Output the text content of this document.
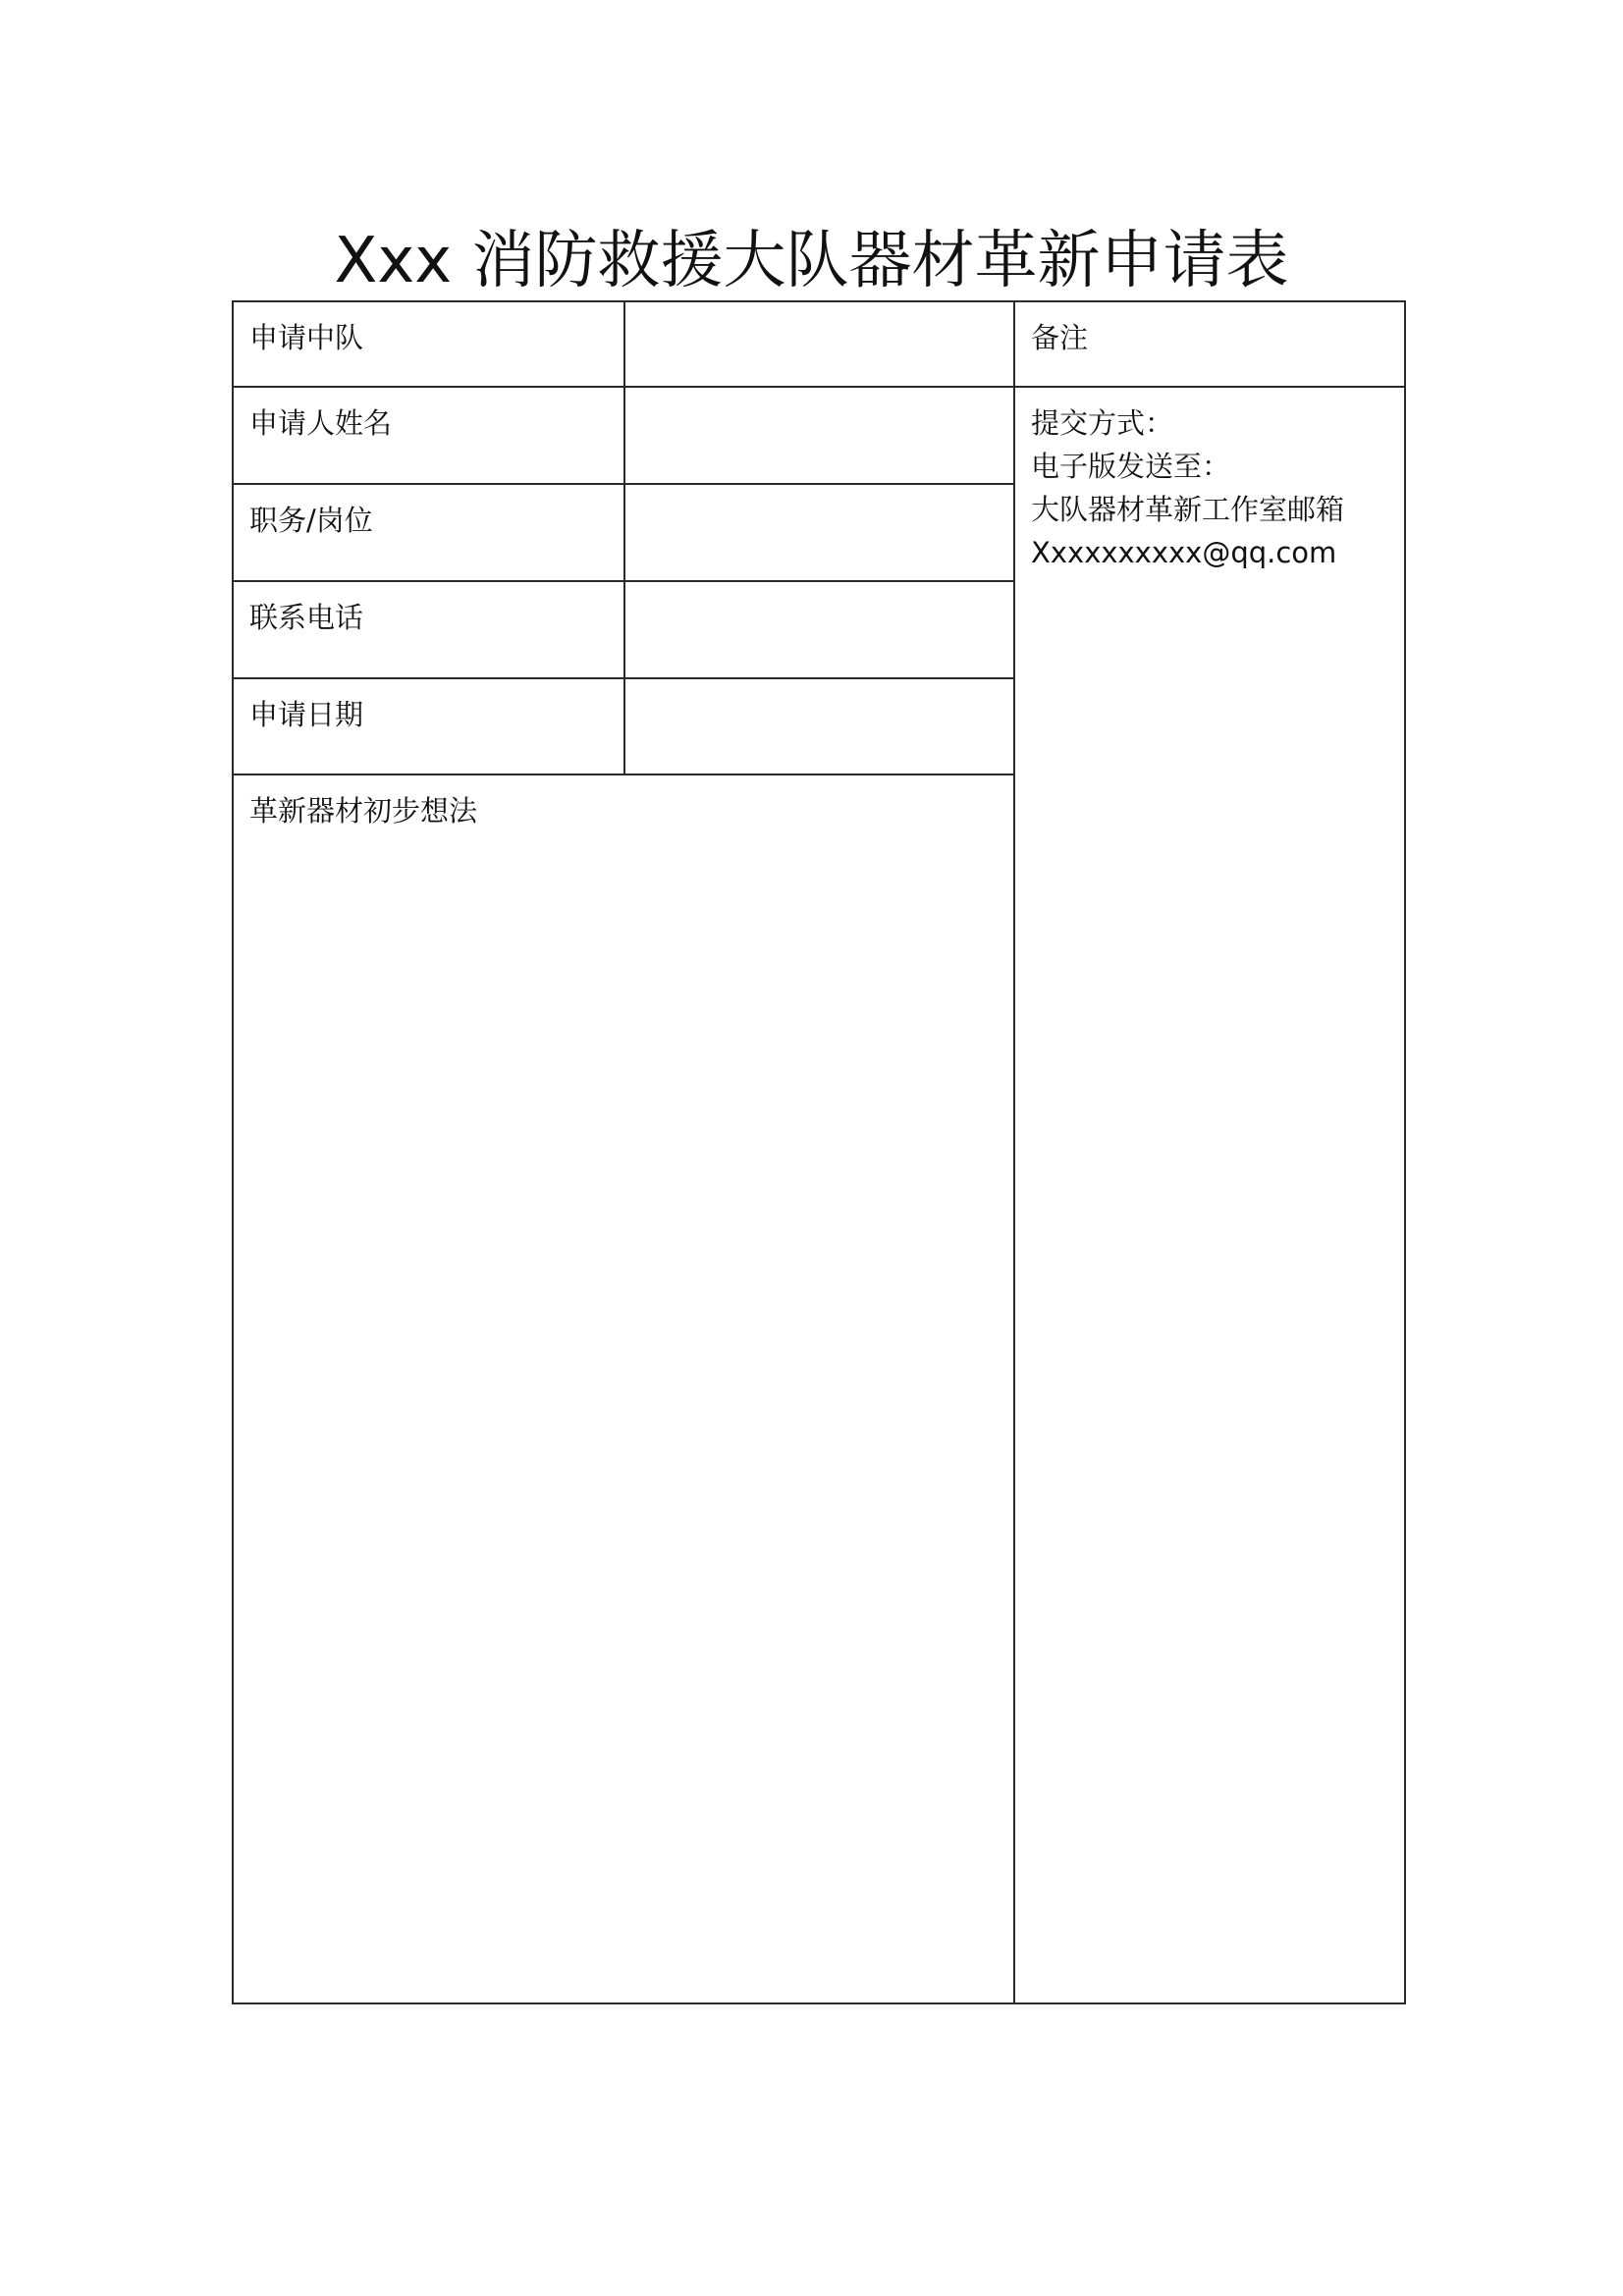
Xxx 消防救援大队器材革新申请表
申请中队		备注
申请人姓名		提交方式：
电子版发送至：
大队器材革新工作室邮箱
Xxxxxxxxxx@qq.com

职务/岗位		
联系电话		
申请日期		
革新器材初步想法		
